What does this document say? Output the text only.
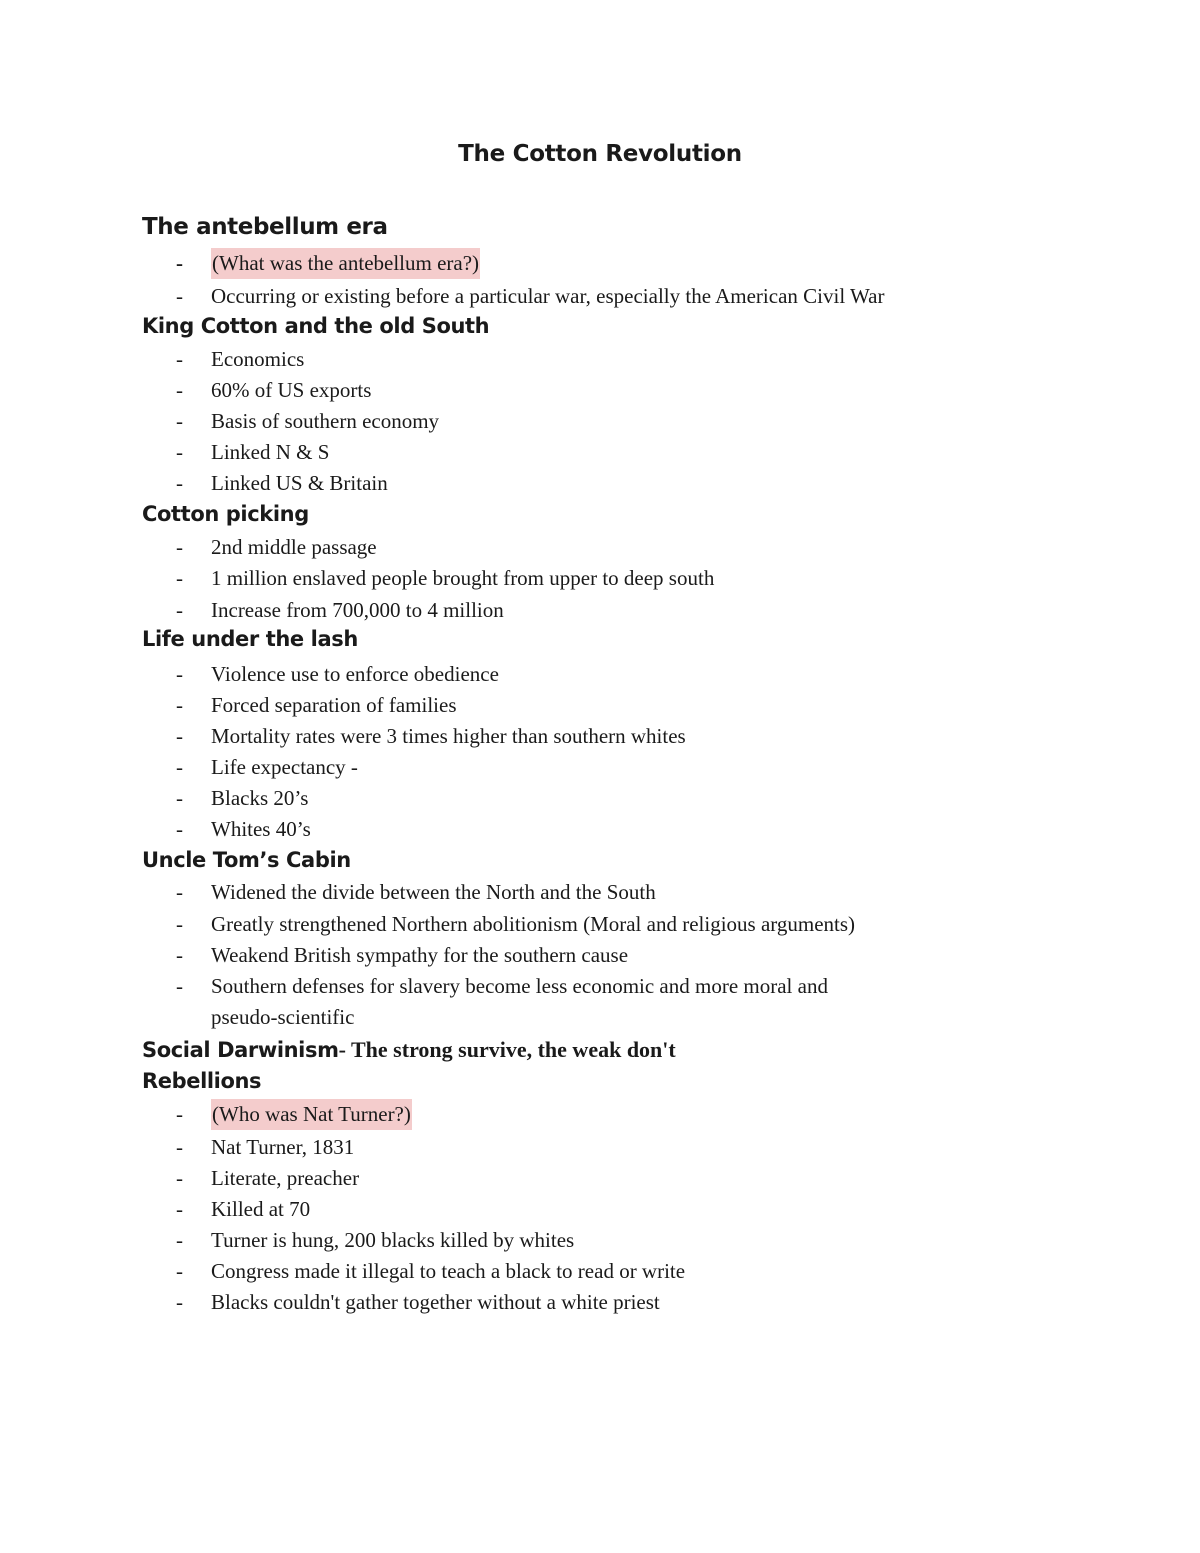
The Cotton Revolution
The antebellum era
- (What was the antebellum era?)
- Occurring or existing before a particular war, especially the American Civil War
King Cotton and the old South
- Economics
- 60% of US exports
- Basis of southern economy
- Linked N & S
- Linked US & Britain
Cotton picking
- 2nd middle passage
- 1 million enslaved people brought from upper to deep south
- Increase from 700,000 to 4 million
Life under the lash
- Violence use to enforce obedience
- Forced separation of families
- Mortality rates were 3 times higher than southern whites
- Life expectancy -
- Blacks 20’s
- Whites 40’s
Uncle Tom’s Cabin
- Widened the divide between the North and the South
- Greatly strengthened Northern abolitionism (Moral and religious arguments)
- Weakend British sympathy for the southern cause
- Southern defenses for slavery become less economic and more moral and
pseudo-scientific
Social Darwinism- The strong survive, the weak don't
Rebellions
- (Who was Nat Turner?)
- Nat Turner, 1831
- Literate, preacher
- Killed at 70
- Turner is hung, 200 blacks killed by whites
- Congress made it illegal to teach a black to read or write
- Blacks couldn't gather together without a white priest
